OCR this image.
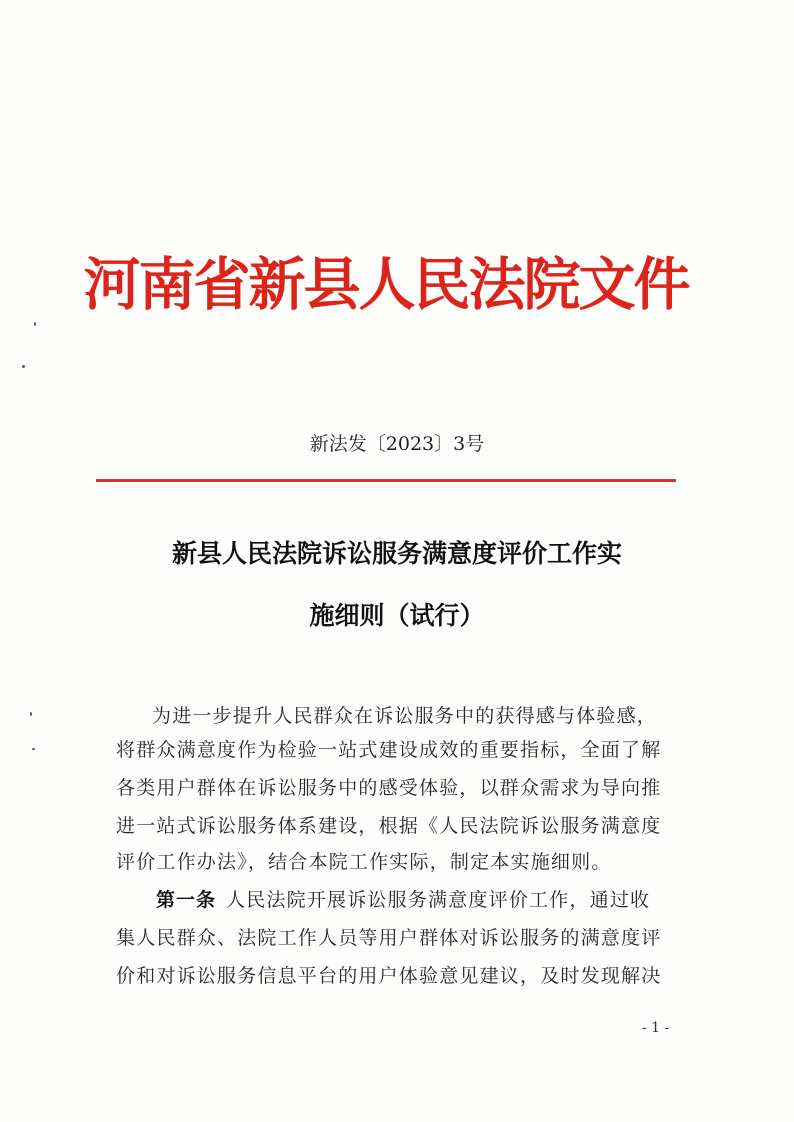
河南省新县人民法院文件
新法发〔2023〕3号
新县人民法院诉讼服务满意度评价工作实
施细则（试行）
为进一步提升人民群众在诉讼服务中的获得感与体验感，
将群众满意度作为检验一站式建设成效的重要指标，全面了解
各类用户群体在诉讼服务中的感受体验，以群众需求为导向推
进一站式诉讼服务体系建设，根据《人民法院诉讼服务满意度
评价工作办法》，结合本院工作实际，制定本实施细则。
第一条 人民法院开展诉讼服务满意度评价工作，通过收
集人民群众、法院工作人员等用户群体对诉讼服务的满意度评
价和对诉讼服务信息平台的用户体验意见建议，及时发现解决
- 1 -
